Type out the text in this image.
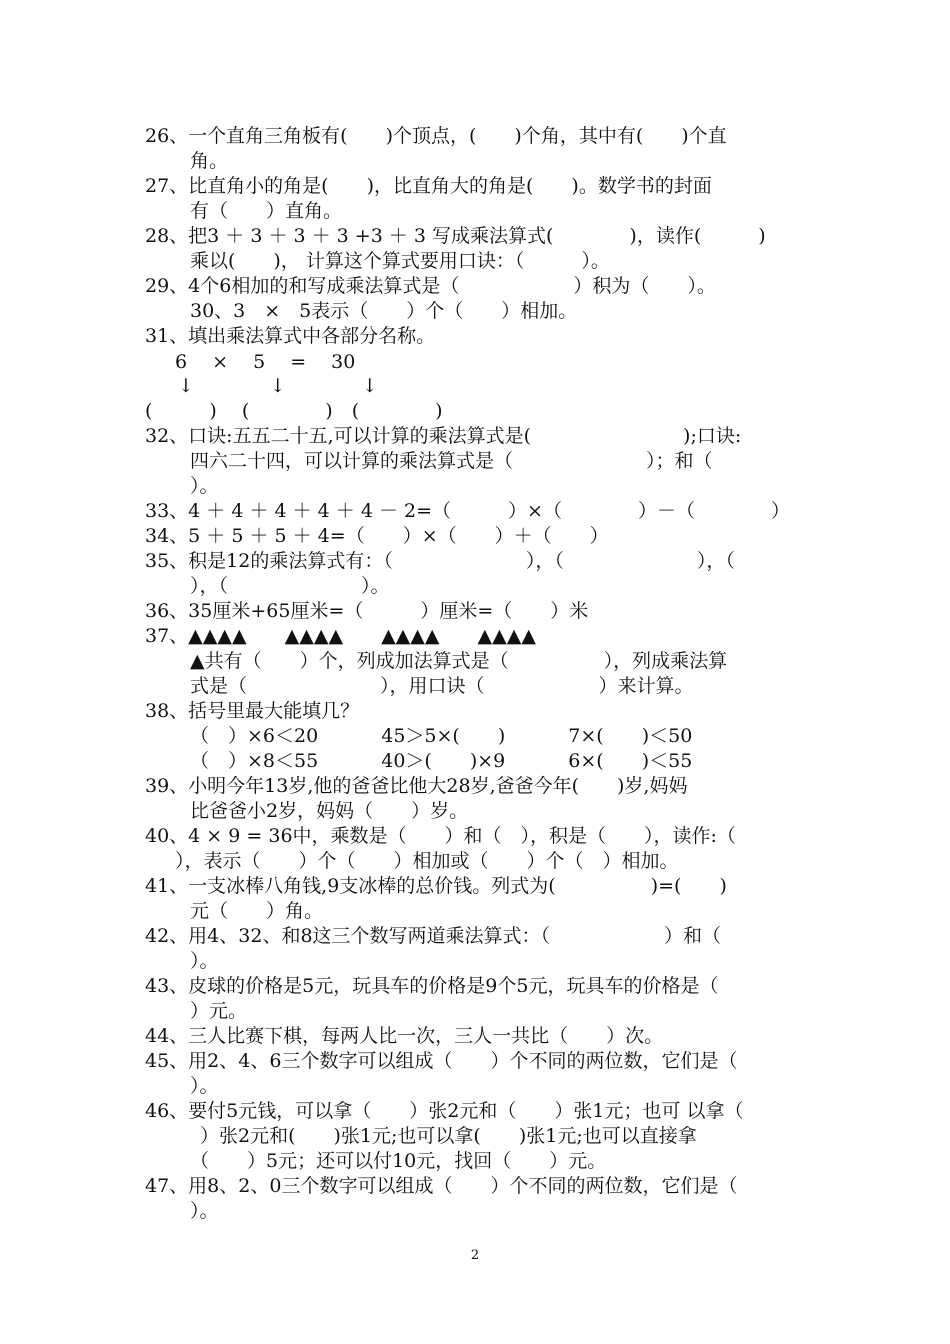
26、一个直角三角板有(　　)个顶点，(　　)个角，其中有(　　)个直
角。
27、比直角小的角是(　　)，比直角大的角是(　　)。数学书的封面
有（　　）直角。
28、把3 ＋ 3 ＋ 3 ＋ 3 +3 ＋ 3 写成乘法算式(　　　　)，读作(　　　)
乘以(　　)， 计算这个算式要用口诀：（　　　）。
29、4个6相加的和写成乘法算式是（　　　　　　）积为（　　）。
30、3　×　5表示（　　）个（　　）相加。
31、填出乘法算式中各部分名称。
6　 ×　 5　 =　 30
↓　　　　↓　　　　↓
(　　　)　 (　　　　)　(　　　　)
32、口诀:五五二十五,可以计算的乘法算式是(　　　　　　　　);口诀:
四六二十四，可以计算的乘法算式是（　　　　　　　）；和（
）。
33、4 ＋ 4 ＋ 4 ＋ 4 ＋ 4 － 2=（　　　）×（　　　　）－（　　　　）
34、5 ＋ 5 ＋ 5 ＋ 4=（　　）×（　　）＋（　　）
35、积是12的乘法算式有：（　　　　　　　），（　　　　　　　），（
），（　　　　　　　）。
36、35厘米+65厘米=（　　　）厘米=（　　）米
37、▲▲▲▲　　▲▲▲▲　　▲▲▲▲　　▲▲▲▲
▲共有（　　）个，列成加法算式是（　　　　　），列成乘法算
式是（　　　　　　　），用口诀（　　　　　　）来计算。
38、括号里最大能填几？
（　）×6＜20　　　 45＞5×(　　)　　　 7×(　　)＜50
（　）×8＜55　　　 40＞(　　)×9　　　 6×(　　)＜55
39、小明今年13岁,他的爸爸比他大28岁,爸爸今年(　　)岁,妈妈
比爸爸小2岁，妈妈（　　）岁。
40、4 × 9 = 36中，乘数是（　　）和（　），积是（　　），读作:（
），表示（　　）个（　　）相加或（　　）个（　）相加。
41、一支冰棒八角钱,9支冰棒的总价钱。列式为(　　　　　)=(　　)
元（　　）角。
42、用4、32、和8这三个数写两道乘法算式：（　　　　　　）和（
）。
43、皮球的价格是5元，玩具车的价格是9个5元，玩具车的价格是（
）元。
44、三人比赛下棋，每两人比一次，三人一共比（　　）次。
45、用2、4、6三个数字可以组成（　　）个不同的两位数，它们是（
）。
46、要付5元钱，可以拿（　　）张2元和（　　）张1元；也可 以拿（
）张2元和(　　)张1元;也可以拿(　　)张1元;也可以直接拿
（　　）5元；还可以付10元，找回（　　）元。
47、用8、2、0三个数字可以组成（　　）个不同的两位数，它们是（
）。
2
